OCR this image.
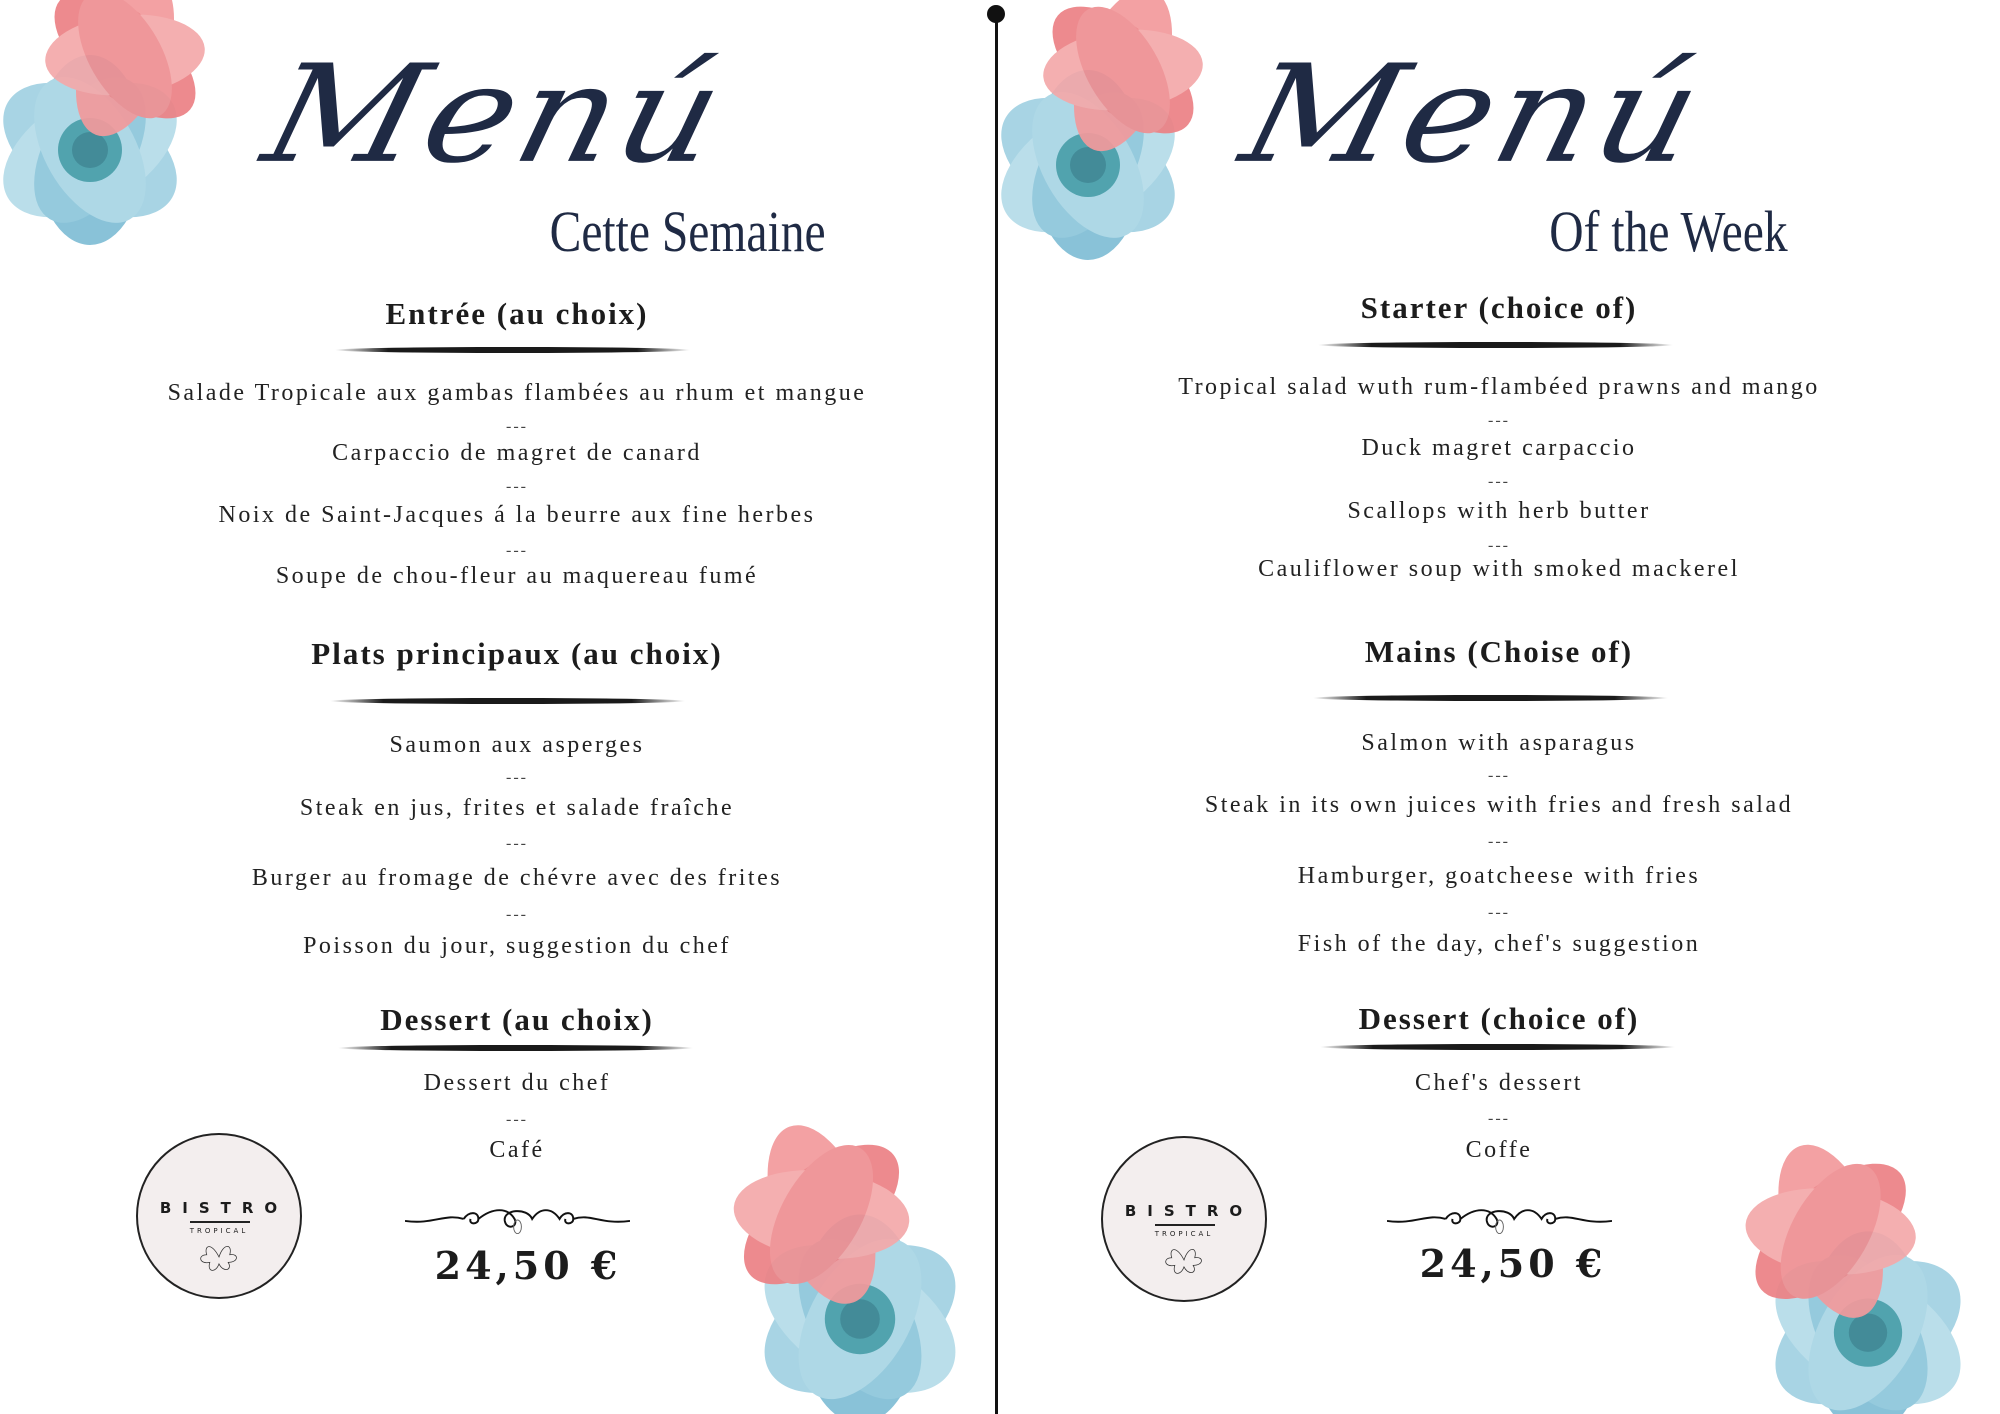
Menú
Cette Semaine
Entrée (au choix)
Salade Tropicale aux gambas flambées au rhum et mangue
---
Carpaccio de magret de canard
---
Noix de Saint-Jacques á la beurre aux fine herbes
---
Soupe de chou-fleur au maquereau fumé
Plats principaux (au choix)
Saumon aux asperges
---
Steak en jus, frites et salade fraîche
---
Burger au fromage de chévre avec des frites
---
Poisson du jour, suggestion du chef
Dessert (au choix)
Dessert du chef
---
Café
24,50 €
BISTRO
TROPICAL
Menú
Of the Week
Starter (choice of)
Tropical salad wuth rum-flambéed prawns and mango
---
Duck magret carpaccio
---
Scallops with herb butter
---
Cauliflower soup with smoked mackerel
Mains (Choise of)
Salmon with asparagus
---
Steak in its own juices with fries and fresh salad
---
Hamburger, goatcheese with fries
---
Fish of the day, chef's suggestion
Dessert (choice of)
Chef's dessert
---
Coffe
24,50 €
BISTRO
TROPICAL
